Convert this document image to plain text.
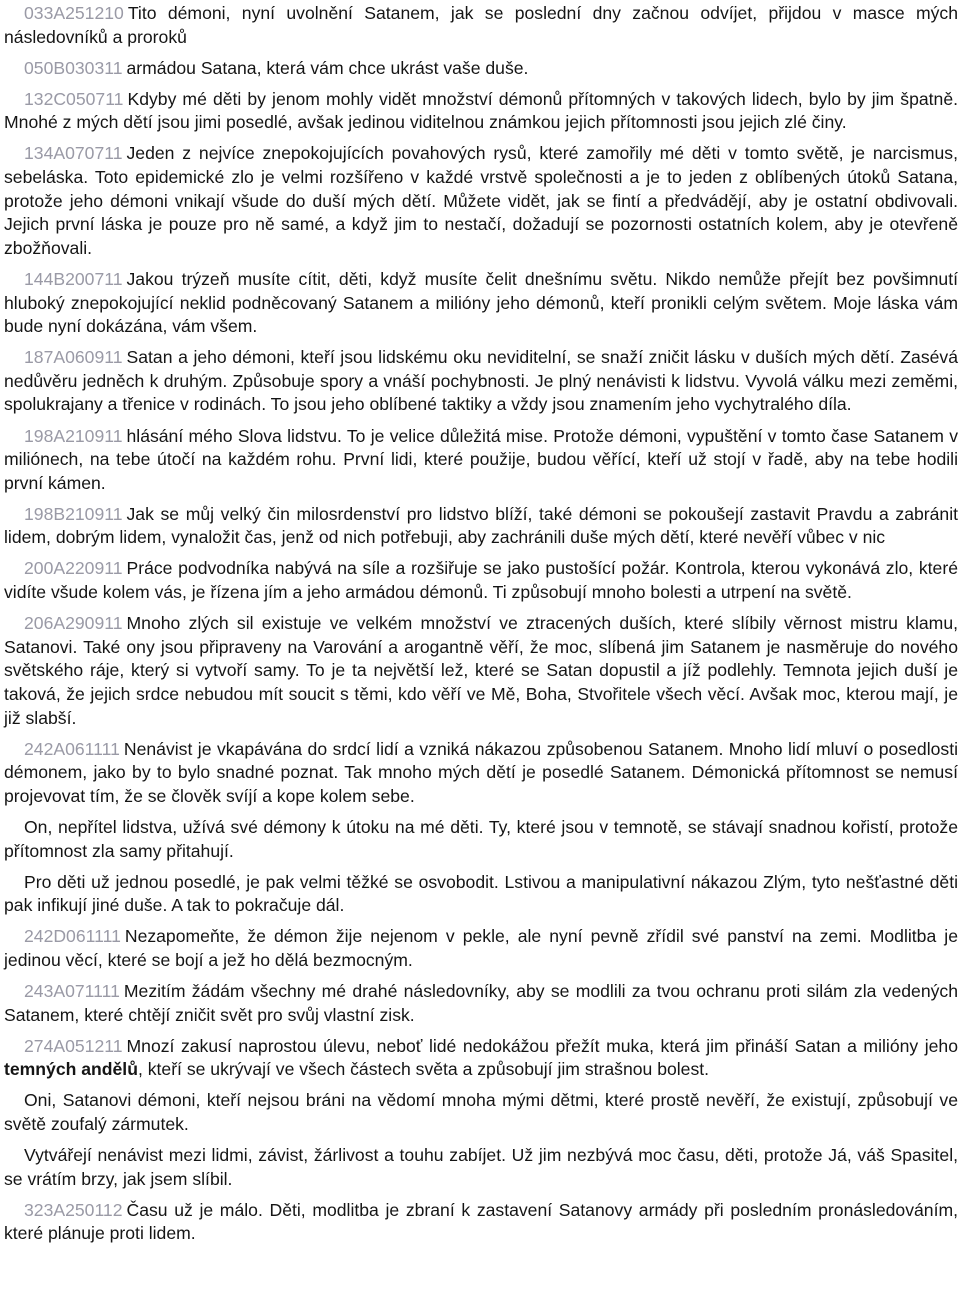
033A251210 Tito démoni, nyní uvolnění Satanem, jak se poslední dny začnou odvíjet, přijdou v masce mých následovníků a proroků

050B030311 armádou Satana, která vám chce ukrást vaše duše.

132C050711 Kdyby mé děti by jenom mohly vidět množství démonů přítomných v takových lidech, bylo by jim špatně. Mnohé z mých dětí jsou jimi posedlé, avšak jedinou viditelnou známkou jejich přítomnosti jsou jejich zlé činy.

134A070711 Jeden z nejvíce znepokojujících povahových rysů, které zamořily mé děti v tomto světě, je narcismus, sebeláska. Toto epidemické zlo je velmi rozšířeno v každé vrstvě společnosti a je to jeden z oblíbených útoků Satana, protože jeho démoni vnikají všude do duší mých dětí. Můžete vidět, jak se fintí a předvádějí, aby je ostatní obdivovali. Jejich první láska je pouze pro ně samé, a když jim to nestačí, dožadují se pozornosti ostatních kolem, aby je otevřeně zbožňovali.

144B200711 Jakou trýzeň musíte cítit, děti, když musíte čelit dnešnímu světu. Nikdo nemůže přejít bez povšimnutí hluboký znepokojující neklid podněcovaný Satanem a milióny jeho démonů, kteří pronikli celým světem. Moje láska vám bude nyní dokázána, vám všem.

187A060911 Satan a jeho démoni, kteří jsou lidskému oku neviditelní, se snaží zničit lásku v duších mých dětí. Zasévá nedůvěru jedněch k druhým. Způsobuje spory a vnáší pochybnosti. Je plný nenávisti k lidstvu. Vyvolá válku mezi zeměmi, spolukrajany a třenice v rodinách. To jsou jeho oblíbené taktiky a vždy jsou znamením jeho vychytralého díla.

198A210911 hlásání mého Slova lidstvu. To je velice důležitá mise. Protože démoni, vypuštění v tomto čase Satanem v miliónech, na tebe útočí na každém rohu. První lidi, které použije, budou věřící, kteří už stojí v řadě, aby na tebe hodili první kámen.

198B210911 Jak se můj velký čin milosrdenství pro lidstvo blíží, také démoni se pokoušejí zastavit Pravdu a zabránit lidem, dobrým lidem, vynaložit čas, jenž od nich potřebuji, aby zachránili duše mých dětí, které nevěří vůbec v nic

200A220911 Práce podvodníka nabývá na síle a rozšiřuje se jako pustošící požár. Kontrola, kterou vykonává zlo, které vidíte všude kolem vás, je řízena jím a jeho armádou démonů. Ti způsobují mnoho bolesti a utrpení na světě.

206A290911 Mnoho zlých sil existuje ve velkém množství ve ztracených duších, které slíbily věrnost mistru klamu, Satanovi. Také ony jsou připraveny na Varování a arogantně věří, že moc, slíbená jim Satanem je nasměruje do nového světského ráje, který si vytvoří samy. To je ta největší lež, které se Satan dopustil a jíž podlehly. Temnota jejich duší je taková, že jejich srdce nebudou mít soucit s těmi, kdo věří ve Mě, Boha, Stvořitele všech věcí. Avšak moc, kterou mají, je již slabší.

242A061111 Nenávist je vkapávána do srdcí lidí a vzniká nákazou způsobenou Satanem. Mnoho lidí mluví o posedlosti démonem, jako by to bylo snadné poznat. Tak mnoho mých dětí je posedlé Satanem. Démonická přítomnost se nemusí projevovat tím, že se člověk svíjí a kope kolem sebe.

On, nepřítel lidstva, užívá své démony k útoku na mé děti. Ty, které jsou v temnotě, se stávají snadnou kořistí, protože přítomnost zla samy přitahují.

Pro děti už jednou posedlé, je pak velmi těžké se osvobodit. Lstivou a manipulativní nákazou Zlým, tyto nešťastné děti pak infikují jiné duše. A tak to pokračuje dál.

242D061111 Nezapomeňte, že démon žije nejenom v pekle, ale nyní pevně zřídil své panství na zemi. Modlitba je jedinou věcí, které se bojí a jež ho dělá bezmocným.

243A071111 Mezitím žádám všechny mé drahé následovníky, aby se modlili za tvou ochranu proti silám zla vedených Satanem, které chtějí zničit svět pro svůj vlastní zisk.

274A051211 Mnozí zakusí naprostou úlevu, neboť lidé nedokážou přežít muka, která jim přináší Satan a milióny jeho temných andělů, kteří se ukrývají ve všech částech světa a způsobují jim strašnou bolest.

Oni, Satanovi démoni, kteří nejsou bráni na vědomí mnoha mými dětmi, které prostě nevěří, že existují, způsobují ve světě zoufalý zármutek.

Vytvářejí nenávist mezi lidmi, závist, žárlivost a touhu zabíjet. Už jim nezbývá moc času, děti, protože Já, váš Spasitel, se vrátím brzy, jak jsem slíbil.

323A250112 Času už je málo. Děti, modlitba je zbraní k zastavení Satanovy armády při posledním pronásledováním, které plánuje proti lidem.
